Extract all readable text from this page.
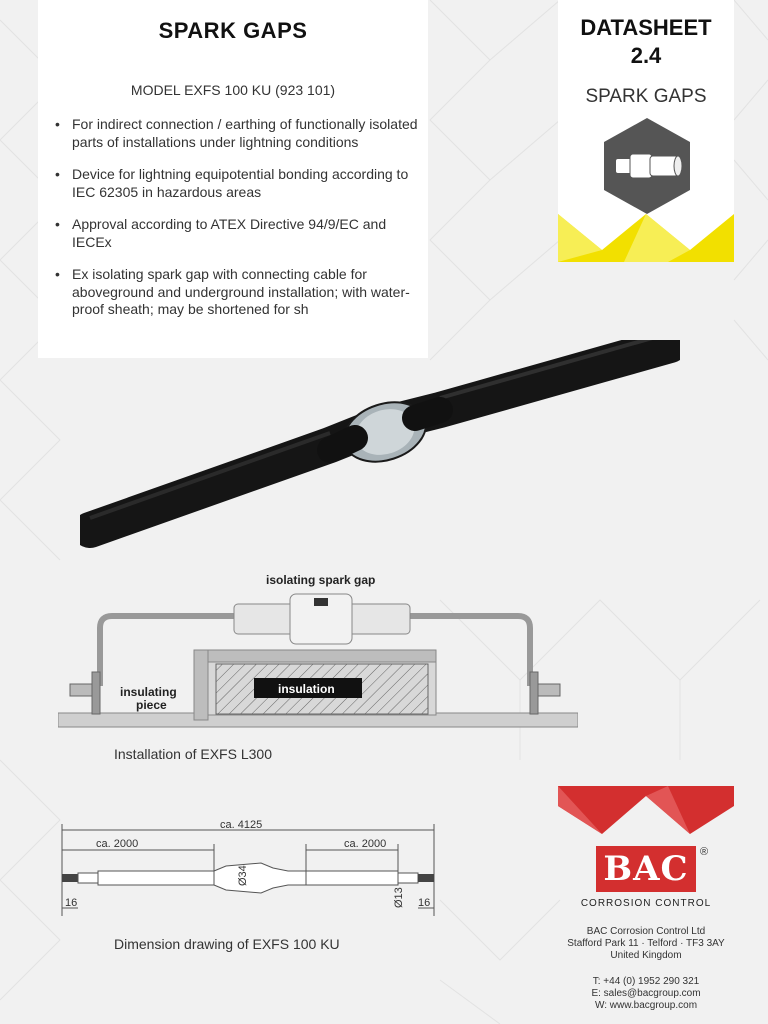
SPARK GAPS
MODEL EXFS 100 KU (923 101)
• For indirect connection / earthing of functionally isolated parts of installations under lightning conditions
• Device for lightning equipotential bonding according to IEC 62305 in hazardous areas
• Approval according to ATEX Directive 94/9/EC and IECEx
• Ex isolating spark gap with connecting cable for aboveground and underground installation; with water-proof sheath; may be shortened for sh
DATASHEET
2.4
SPARK GAPS
isolating spark gap
insulation
insulating
piece
Installation of EXFS L300
ca. 4125
ca. 2000	ca. 2000
Ø34
Ø13
16	16
Dimension drawing of EXFS 100 KU
BAC	®
CORROSION CONTROL
BAC Corrosion Control Ltd
Stafford Park 11 · Telford · TF3 3AY
United Kingdom
T: +44 (0) 1952 290 321
E: sales@bacgroup.com
W: www.bacgroup.com
